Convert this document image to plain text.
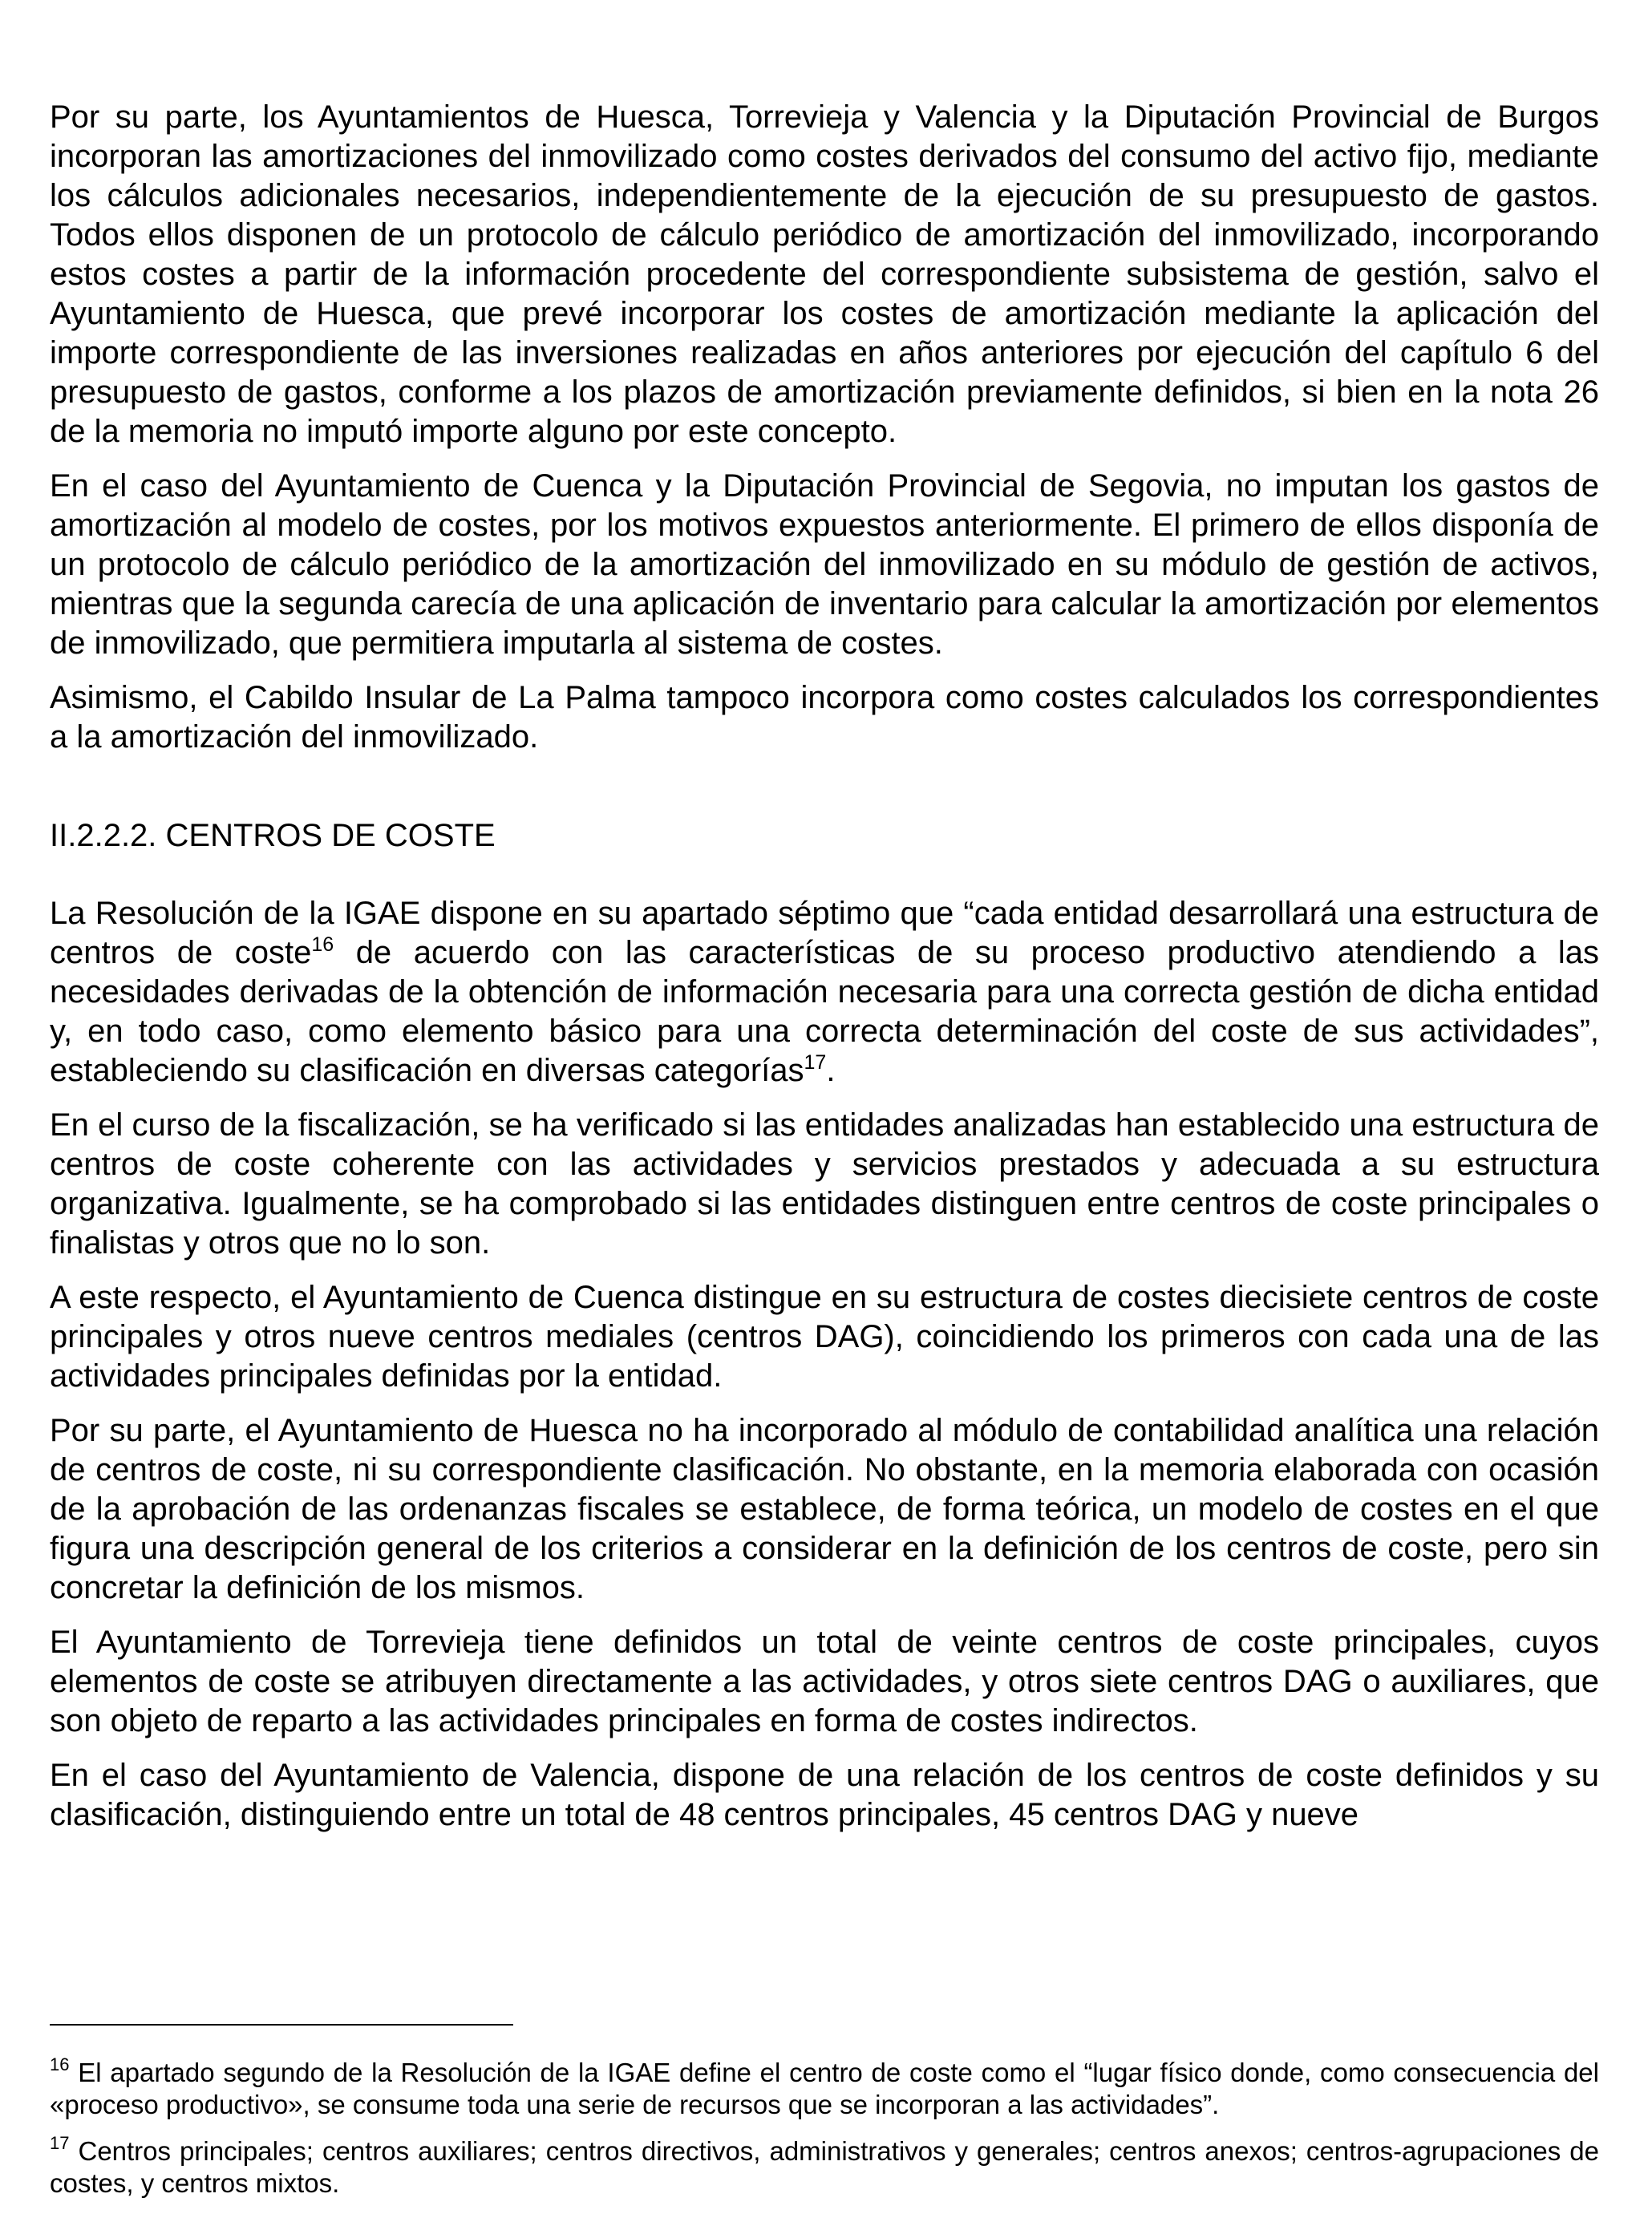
Por su parte, los Ayuntamientos de Huesca, Torrevieja y Valencia y la Diputación Provincial de Burgos incorporan las amortizaciones del inmovilizado como costes derivados del consumo del activo fijo, mediante los cálculos adicionales necesarios, independientemente de la ejecución de su presupuesto de gastos. Todos ellos disponen de un protocolo de cálculo periódico de amortización del inmovilizado, incorporando estos costes a partir de la información procedente del correspondiente subsistema de gestión, salvo el Ayuntamiento de Huesca, que prevé incorporar los costes de amortización mediante la aplicación del importe correspondiente de las inversiones realizadas en años anteriores por ejecución del capítulo 6 del presupuesto de gastos, conforme a los plazos de amortización previamente definidos, si bien en la nota 26 de la memoria no imputó importe alguno por este concepto.

En el caso del Ayuntamiento de Cuenca y la Diputación Provincial de Segovia, no imputan los gastos de amortización al modelo de costes, por los motivos expuestos anteriormente. El primero de ellos disponía de un protocolo de cálculo periódico de la amortización del inmovilizado en su módulo de gestión de activos, mientras que la segunda carecía de una aplicación de inventario para calcular la amortización por elementos de inmovilizado, que permitiera imputarla al sistema de costes.

Asimismo, el Cabildo Insular de La Palma tampoco incorpora como costes calculados los correspondientes a la amortización del inmovilizado.

II.2.2.2. CENTROS DE COSTE

La Resolución de la IGAE dispone en su apartado séptimo que “cada entidad desarrollará una estructura de centros de coste$^{16}$ de acuerdo con las características de su proceso productivo atendiendo a las necesidades derivadas de la obtención de información necesaria para una correcta gestión de dicha entidad y, en todo caso, como elemento básico para una correcta determinación del coste de sus actividades”, estableciendo su clasificación en diversas categorías$^{17}$.

En el curso de la fiscalización, se ha verificado si las entidades analizadas han establecido una estructura de centros de coste coherente con las actividades y servicios prestados y adecuada a su estructura organizativa. Igualmente, se ha comprobado si las entidades distinguen entre centros de coste principales o finalistas y otros que no lo son.

A este respecto, el Ayuntamiento de Cuenca distingue en su estructura de costes diecisiete centros de coste principales y otros nueve centros mediales (centros DAG), coincidiendo los primeros con cada una de las actividades principales definidas por la entidad.

Por su parte, el Ayuntamiento de Huesca no ha incorporado al módulo de contabilidad analítica una relación de centros de coste, ni su correspondiente clasificación. No obstante, en la memoria elaborada con ocasión de la aprobación de las ordenanzas fiscales se establece, de forma teórica, un modelo de costes en el que figura una descripción general de los criterios a considerar en la definición de los centros de coste, pero sin concretar la definición de los mismos.

El Ayuntamiento de Torrevieja tiene definidos un total de veinte centros de coste principales, cuyos elementos de coste se atribuyen directamente a las actividades, y otros siete centros DAG o auxiliares, que son objeto de reparto a las actividades principales en forma de costes indirectos.

En el caso del Ayuntamiento de Valencia, dispone de una relación de los centros de coste definidos y su clasificación, distinguiendo entre un total de 48 centros principales, 45 centros DAG y nueve

$^{16}$ El apartado segundo de la Resolución de la IGAE define el centro de coste como el “lugar físico donde, como consecuencia del «proceso productivo», se consume toda una serie de recursos que se incorporan a las actividades”.

$^{17}$ Centros principales; centros auxiliares; centros directivos, administrativos y generales; centros anexos; centros-agrupaciones de costes, y centros mixtos.
